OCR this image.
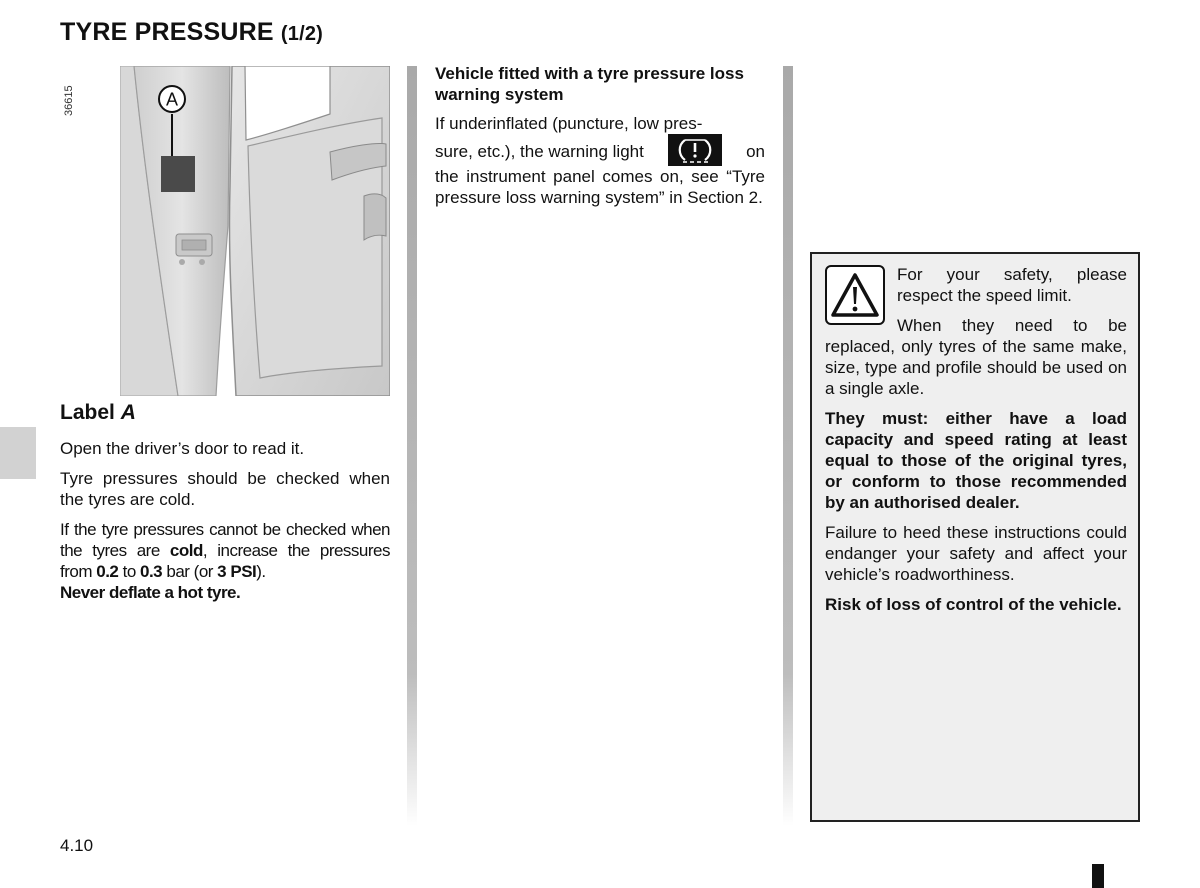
TYRE PRESSURE (1/2)
36615	A
Label A

Open the driver’s door to read it.

Tyre pressures should be checked when the tyres are cold.

If the tyre pressures cannot be checked when the tyres are cold, increase the pressures from 0.2 to 0.3 bar (or 3 PSI).
Never deflate a hot tyre.

Vehicle fitted with a tyre pressure loss warning system

If underinflated (puncture, low pres-

sure, etc.), the warning light	on

the instrument panel comes on, see “Tyre pressure loss warning system” in Section 2.

For your safety, please respect the speed limit.

When they need to be replaced, only tyres of the same make, size, type and profile should be used on a single axle.

They must: either have a load capacity and speed rating at least equal to those of the original tyres, or conform to those recommended by an authorised dealer.

Failure to heed these instructions could endanger your safety and affect your vehicle’s roadworthiness.

Risk of loss of control of the vehicle.

4.10
